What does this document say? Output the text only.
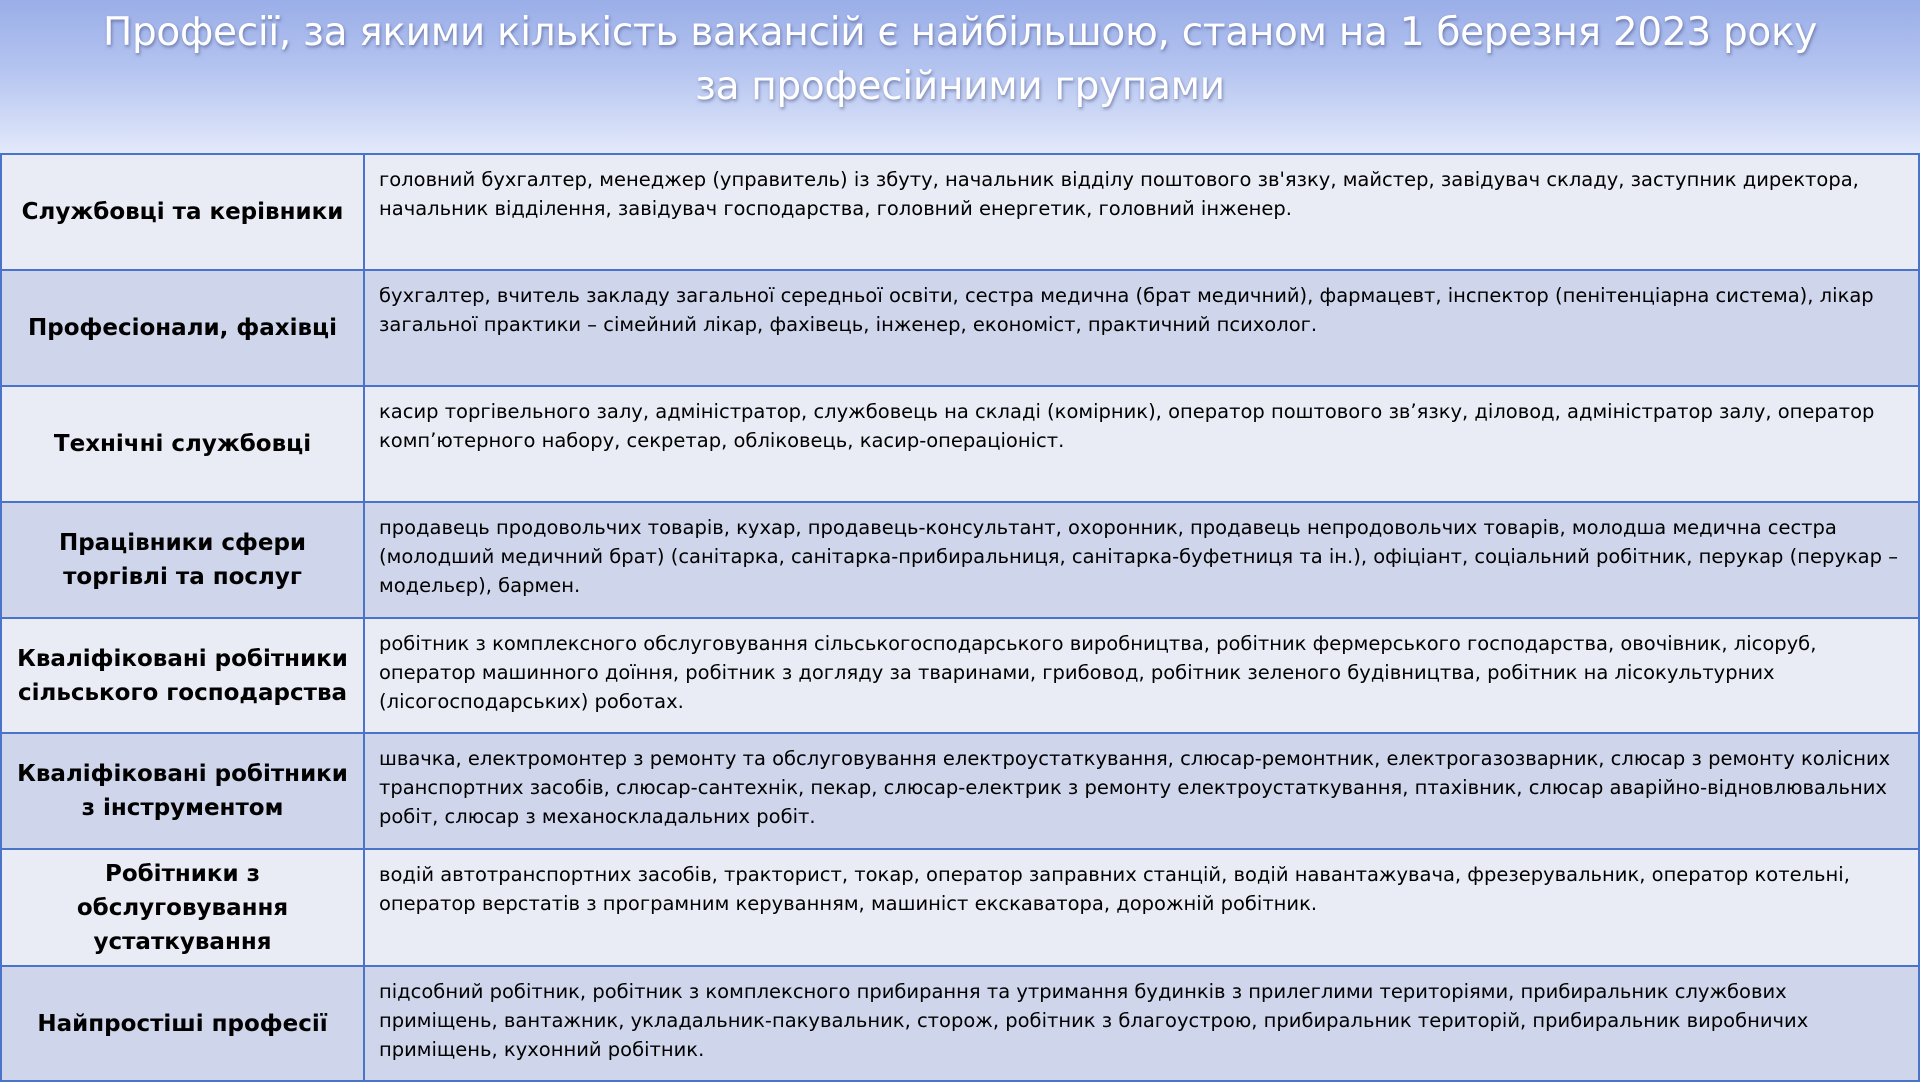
Професії, за якими кількість вакансій є найбільшою, станом на 1 березня 2023 року
за професійними групами
Службовці та керівники	головний бухгалтер, менеджер (управитель) із збуту, начальник відділу поштового зв'язку, майстер, завідувач складу, заступник директора, начальник відділення, завідувач господарства, головний енергетик, головний інженер.
Професіонали, фахівці	бухгалтер, вчитель закладу загальної середньої освіти, сестра медична (брат медичний), фармацевт, інспектор (пенітенціарна система), лікар загальної практики – сімейний лікар, фахівець, інженер, економіст, практичний психолог.
Технічні службовці	касир торгівельного залу, адміністратор, службовець на складі (комірник), оператор поштового зв’язку, діловод, адміністратор залу, оператор комп’ютерного набору, секретар, обліковець, касир-операціоніст.
Працівники сфери торгівлі та послуг	продавець продовольчих товарів, кухар, продавець-консультант, охоронник, продавець непродовольчих товарів, молодша медична сестра (молодший медичний брат) (санітарка, санітарка-прибиральниця, санітарка-буфетниця та ін.), офіціант, соціальний робітник, перукар (перукар – модельєр), бармен.
Кваліфіковані робітники сільського господарства	робітник з комплексного обслуговування сільськогосподарського виробництва, робітник фермерського господарства, овочівник, лісоруб, оператор машинного доїння, робітник з догляду за тваринами, грибовод, робітник зеленого будівництва, робітник на лісокультурних (лісогосподарських) роботах.
Кваліфіковані робітники з інструментом	швачка, електромонтер з ремонту та обслуговування електроустаткування, слюсар-ремонтник, електрогазозварник, слюсар з ремонту колісних транспортних засобів, слюсар-сантехнік, пекар, слюсар-електрик з ремонту електроустаткування, птахівник, слюсар аварійно-відновлювальних робіт, слюсар з механоскладальних робіт.
Робітники з обслуговування устаткування	водій автотранспортних засобів, тракторист, токар, оператор заправних станцій, водій навантажувача, фрезерувальник, оператор котельні, оператор верстатів з програмним керуванням, машиніст екскаватора, дорожній робітник.
Найпростіші професії	підсобний робітник, робітник з комплексного прибирання та утримання будинків з прилеглими територіями, прибиральник службових приміщень, вантажник, укладальник-пакувальник, сторож, робітник з благоустрою, прибиральник територій, прибиральник виробничих приміщень, кухонний робітник.
